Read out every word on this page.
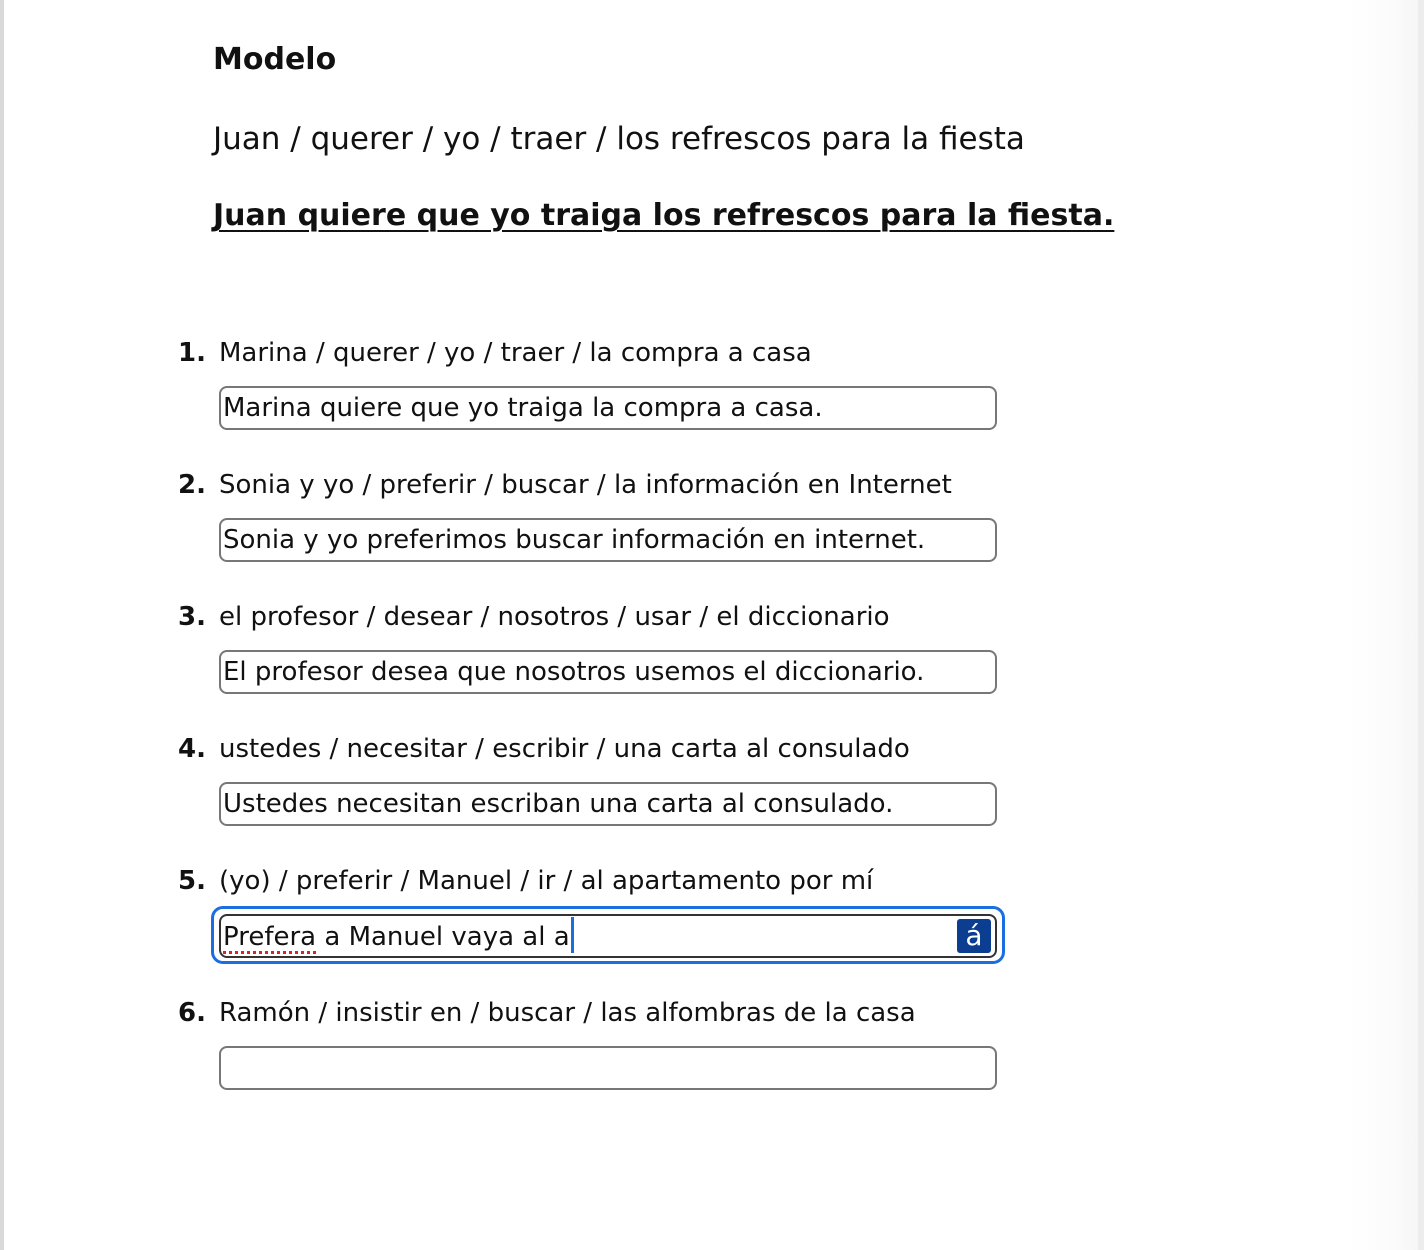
Modelo
Juan / querer / yo / traer / los refrescos para la fiesta
Juan quiere que yo traiga los refrescos para la fiesta.
1. Marina / querer / yo / traer / la compra a casa
Marina quiere que yo traiga la compra a casa.
2. Sonia y yo / preferir / buscar / la información en Internet
Sonia y yo preferimos buscar información en internet.
3. el profesor / desear / nosotros / usar / el diccionario
El profesor desea que nosotros usemos el diccionario.
4. ustedes / necesitar / escribir / una carta al consulado
Ustedes necesitan escriban una carta al consulado.
5. (yo) / preferir / Manuel / ir / al apartamento por mí
Prefera a Manuel vaya al a	á
6. Ramón / insistir en / buscar / las alfombras de la casa
